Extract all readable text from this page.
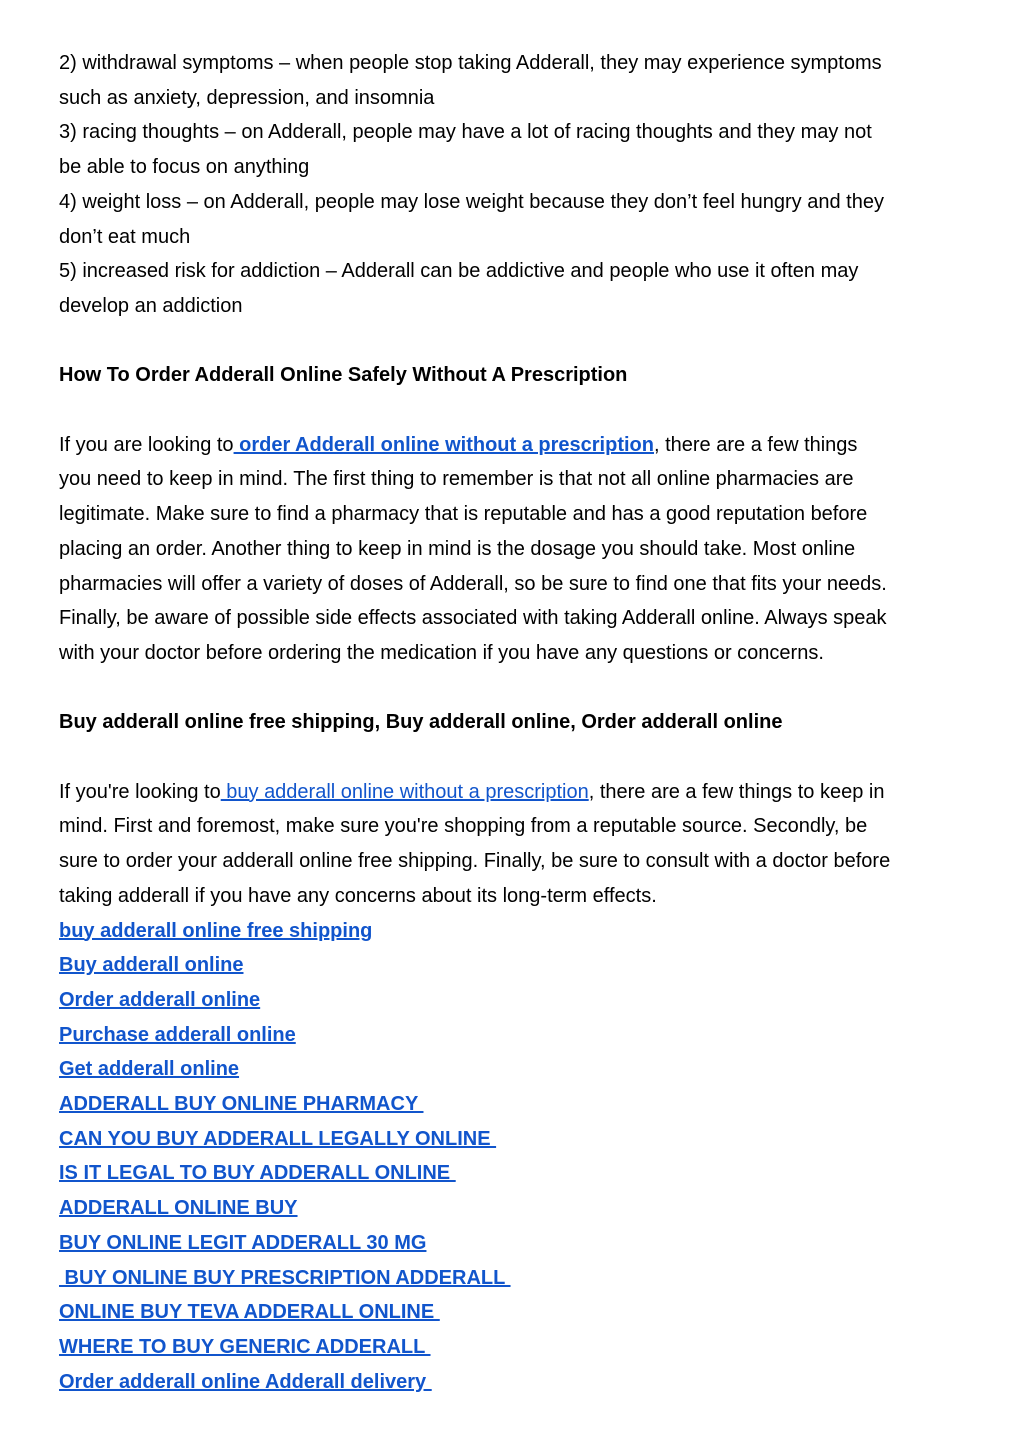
2) withdrawal symptoms – when people stop taking Adderall, they may experience symptoms

such as anxiety, depression, and insomnia

3) racing thoughts – on Adderall, people may have a lot of racing thoughts and they may not

be able to focus on anything

4) weight loss – on Adderall, people may lose weight because they don’t feel hungry and they

don’t eat much

5) increased risk for addiction – Adderall can be addictive and people who use it often may

develop an addiction

How To Order Adderall Online Safely Without A Prescription

If you are looking to order Adderall online without a prescription, there are a few things

you need to keep in mind. The first thing to remember is that not all online pharmacies are

legitimate. Make sure to find a pharmacy that is reputable and has a good reputation before

placing an order. Another thing to keep in mind is the dosage you should take. Most online

pharmacies will offer a variety of doses of Adderall, so be sure to find one that fits your needs.

Finally, be aware of possible side effects associated with taking Adderall online. Always speak

with your doctor before ordering the medication if you have any questions or concerns.

Buy adderall online free shipping, Buy adderall online, Order adderall online

If you're looking to buy adderall online without a prescription, there are a few things to keep in

mind. First and foremost, make sure you're shopping from a reputable source. Secondly, be

sure to order your adderall online free shipping. Finally, be sure to consult with a doctor before

taking adderall if you have any concerns about its long-term effects.

buy adderall online free shipping
Buy adderall online
Order adderall online
Purchase adderall online
Get adderall online
ADDERALL BUY ONLINE PHARMACY
CAN YOU BUY ADDERALL LEGALLY ONLINE
IS IT LEGAL TO BUY ADDERALL ONLINE
ADDERALL ONLINE BUY
BUY ONLINE LEGIT ADDERALL 30 MG
BUY ONLINE BUY PRESCRIPTION ADDERALL
ONLINE BUY TEVA ADDERALL ONLINE
WHERE TO BUY GENERIC ADDERALL
Order adderall online Adderall delivery
